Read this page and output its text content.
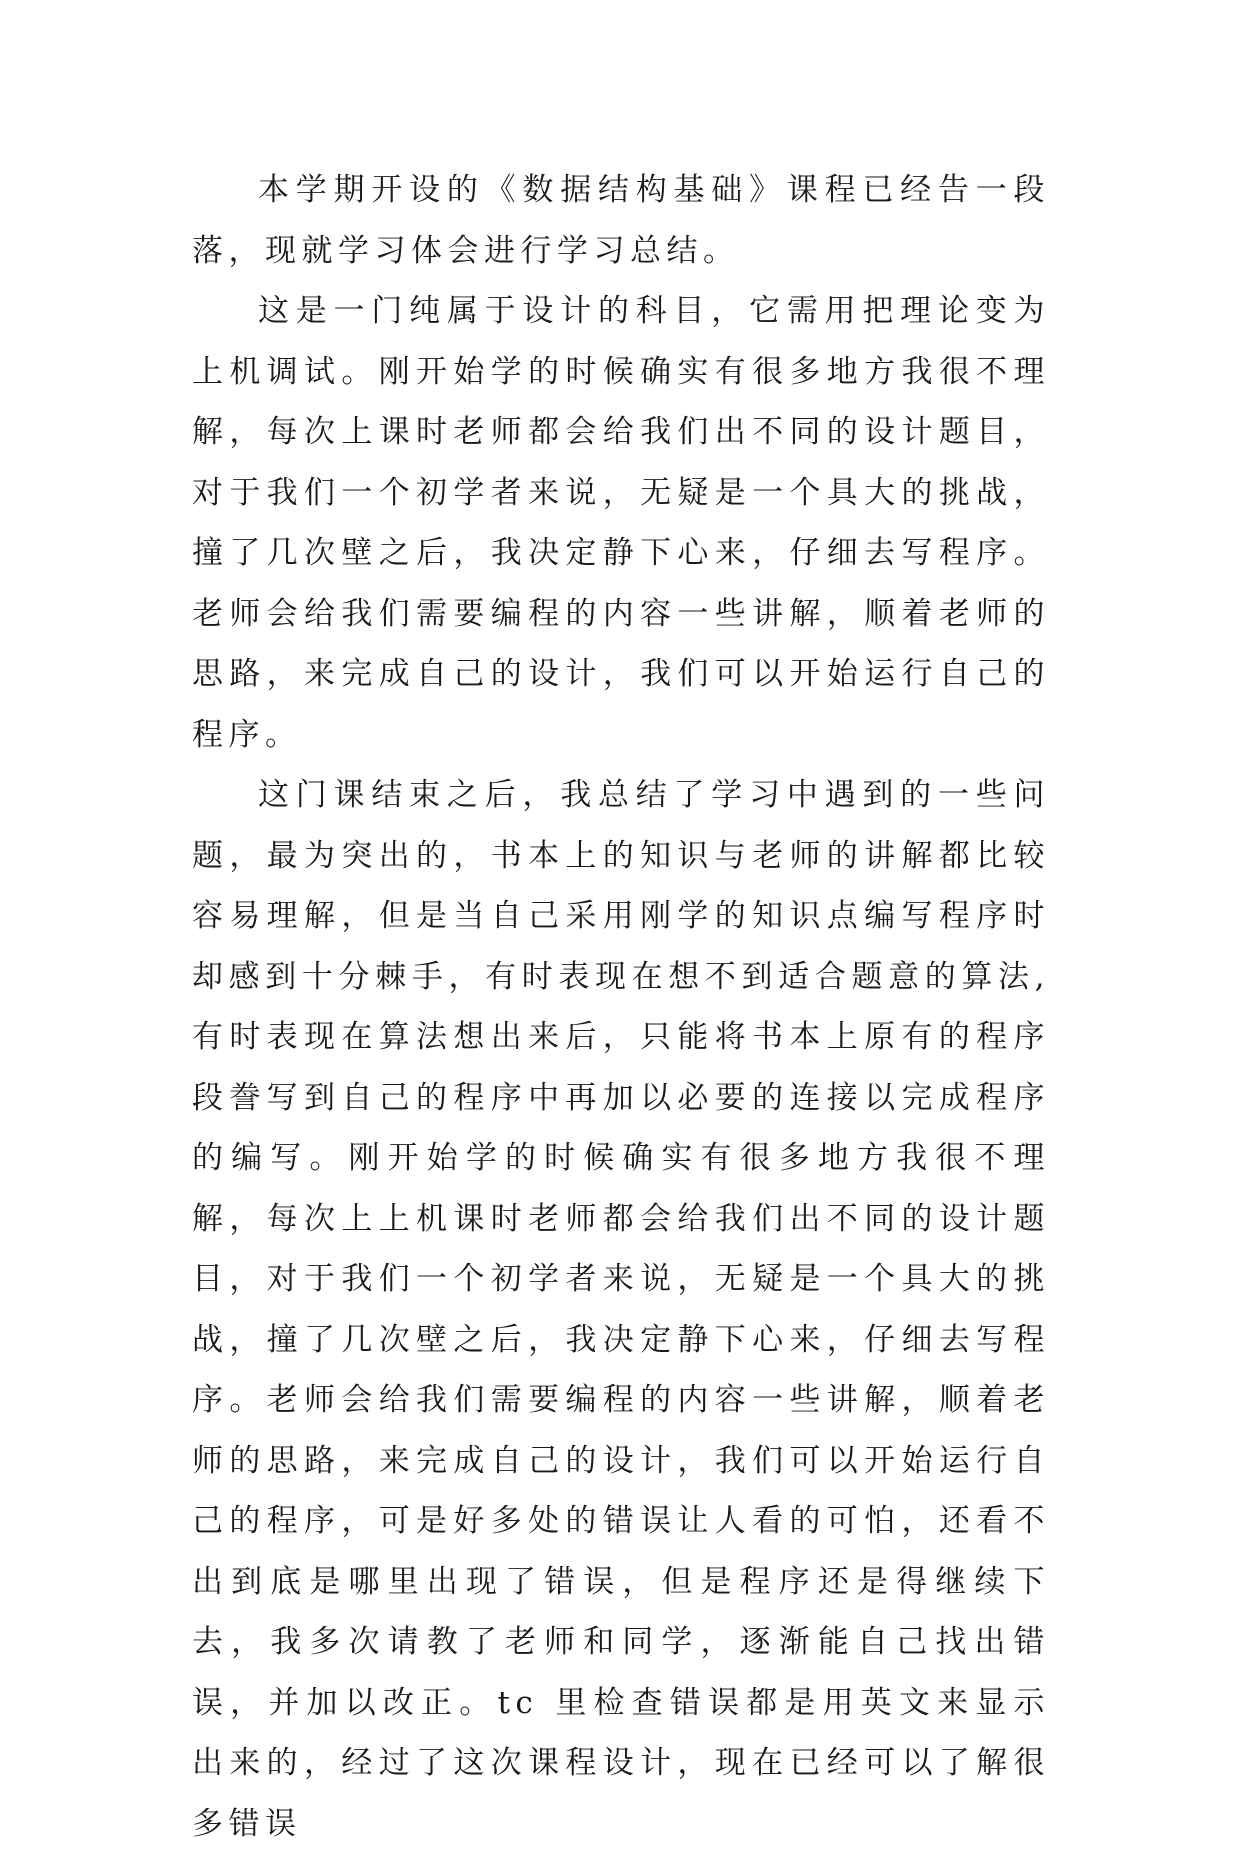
本学期开设的《数据结构基础》课程已经告一段落，现就学习体会进行学习总结。

这是一门纯属于设计的科目，它需用把理论变为上机调试。刚开始学的时候确实有很多地方我很不理解，每次上课时老师都会给我们出不同的设计题目，对于我们一个初学者来说，无疑是一个具大的挑战，撞了几次壁之后，我决定静下心来，仔细去写程序。老师会给我们需要编程的内容一些讲解，顺着老师的思路，来完成自己的设计，我们可以开始运行自己的程序。

这门课结束之后，我总结了学习中遇到的一些问题，最为突出的，书本上的知识与老师的讲解都比较容易理解，但是当自己采用刚学的知识点编写程序时却感到十分棘手，有时表现在想不到适合题意的算法,有时表现在算法想出来后，只能将书本上原有的程序段誊写到自己的程序中再加以必要的连接以完成程序的编写。刚开始学的时候确实有很多地方我很不理解，每次上上机课时老师都会给我们出不同的设计题目，对于我们一个初学者来说，无疑是一个具大的挑战，撞了几次壁之后，我决定静下心来，仔细去写程序。老师会给我们需要编程的内容一些讲解，顺着老师的思路，来完成自己的设计，我们可以开始运行自己的程序，可是好多处的错误让人看的可怕，还看不出到底是哪里出现了错误，但是程序还是得继续下去，我多次请教了老师和同学，逐渐能自己找出错误，并加以改正。tc 里检查错误都是用英文来显示出来的，经过了这次课程设计，现在已经可以了解很多错误
